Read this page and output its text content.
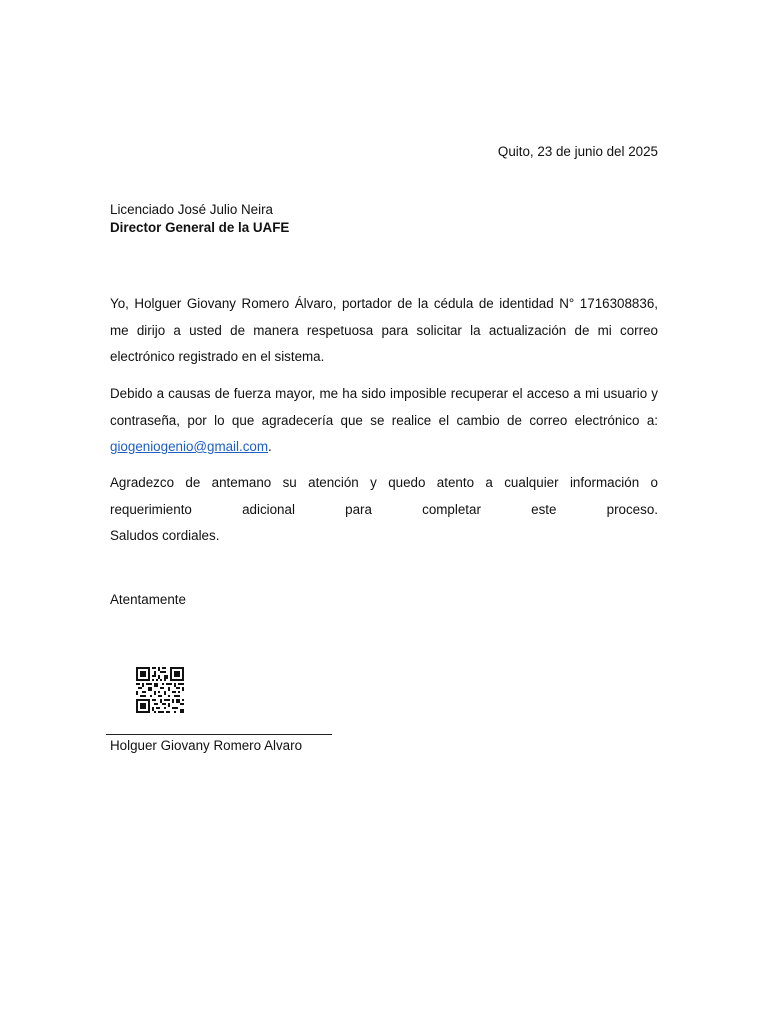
Quito, 23 de junio del 2025
Licenciado José Julio Neira
Director General de la UAFE

Yo, Holguer Giovany Romero Álvaro, portador de la cédula de identidad N° 1716308836, me dirijo a usted de manera respetuosa para solicitar la actualización de mi correo electrónico registrado en el sistema.

Debido a causas de fuerza mayor, me ha sido imposible recuperar el acceso a mi usuario y contraseña, por lo que agradecería que se realice el cambio de correo electrónico a: giogeniogenio@gmail.com.

Agradezco de antemano su atención y quedo atento a cualquier información o
requerimiento adicional para completar este proceso.
Saludos cordiales.
Atentamente
Holguer Giovany Romero Alvaro
